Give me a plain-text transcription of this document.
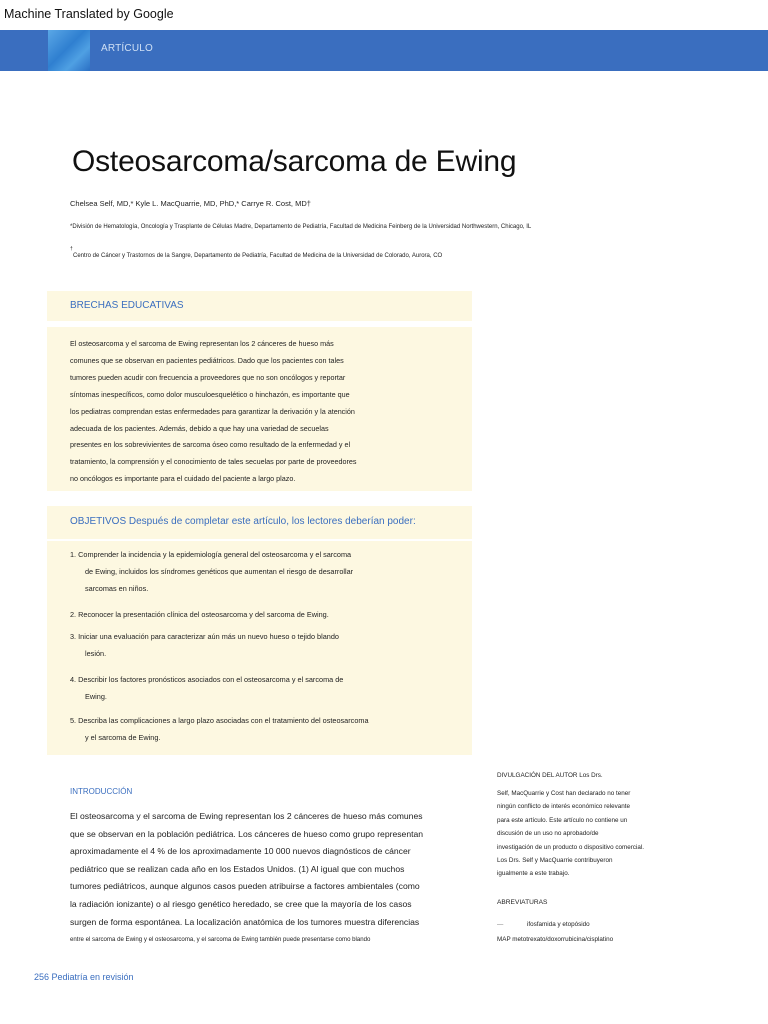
Machine Translated by Google
ARTÍCULO
Osteosarcoma/sarcoma de Ewing
Chelsea Self, MD,* Kyle L. MacQuarrie, MD, PhD,* Carrye R. Cost, MD†
*División de Hematología, Oncología y Trasplante de Células Madre, Departamento de Pediatría, Facultad de Medicina Feinberg de la Universidad Northwestern, Chicago, IL
†
Centro de Cáncer y Trastornos de la Sangre, Departamento de Pediatría, Facultad de Medicina de la Universidad de Colorado, Aurora, CO
BRECHAS EDUCATIVAS

El osteosarcoma y el sarcoma de Ewing representan los 2 cánceres de hueso más

comunes que se observan en pacientes pediátricos. Dado que los pacientes con tales

tumores pueden acudir con frecuencia a proveedores que no son oncólogos y reportar

síntomas inespecíficos, como dolor musculoesquelético o hinchazón, es importante que

los pediatras comprendan estas enfermedades para garantizar la derivación y la atención

adecuada de los pacientes. Además, debido a que hay una variedad de secuelas

presentes en los sobrevivientes de sarcoma óseo como resultado de la enfermedad y el

tratamiento, la comprensión y el conocimiento de tales secuelas por parte de proveedores

no oncólogos es importante para el cuidado del paciente a largo plazo.

OBJETIVOS Después de completar este artículo, los lectores deberían poder:
1. Comprender la incidencia y la epidemiología general del osteosarcoma y el sarcoma
de Ewing, incluidos los síndromes genéticos que aumentan el riesgo de desarrollar
sarcomas en niños.
2. Reconocer la presentación clínica del osteosarcoma y del sarcoma de Ewing.
3. Iniciar una evaluación para caracterizar aún más un nuevo hueso o tejido blando
lesión.
4. Describir los factores pronósticos asociados con el osteosarcoma y el sarcoma de
Ewing.
5. Describa las complicaciones a largo plazo asociadas con el tratamiento del osteosarcoma
y el sarcoma de Ewing.
INTRODUCCIÓN

El osteosarcoma y el sarcoma de Ewing representan los 2 cánceres de hueso más comunes

que se observan en la población pediátrica. Los cánceres de hueso como grupo representan

aproximadamente el 4 % de los aproximadamente 10 000 nuevos diagnósticos de cáncer

pediátrico que se realizan cada año en los Estados Unidos. (1) Al igual que con muchos

tumores pediátricos, aunque algunos casos pueden atribuirse a factores ambientales (como

la radiación ionizante) o al riesgo genético heredado, se cree que la mayoría de los casos

surgen de forma espontánea. La localización anatómica de los tumores muestra diferencias

entre el sarcoma de Ewing y el osteosarcoma, y el sarcoma de Ewing también puede presentarse como blando
DIVULGACIÓN DEL AUTOR Los Drs.
Self, MacQuarrie y Cost han declarado no tener
ningún conflicto de interés económico relevante
para este artículo. Este artículo no contiene un
discusión de un uso no aprobado/de
investigación de un producto o dispositivo comercial.
Los Drs. Self y MacQuarrie contribuyeron
igualmente a este trabajo.
ABREVIATURAS
—	ifosfamida y etopósido
MAP metotrexato/doxorrubicina/cisplatino
256 Pediatría en revisión
